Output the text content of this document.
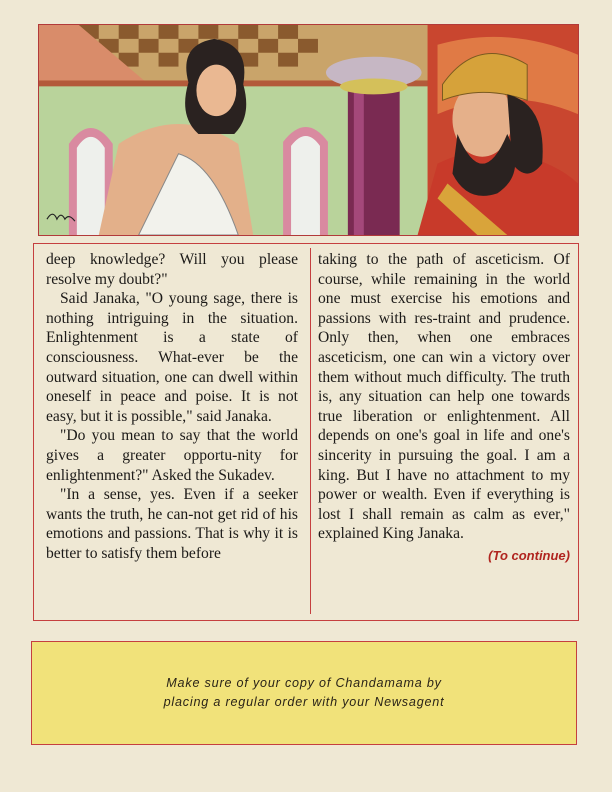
deep knowledge? Will you please resolve my doubt?"

Said Janaka, "O young sage, there is nothing intriguing in the situation. Enlightenment is a state of consciousness. What-ever be the outward situation, one can dwell within oneself in peace and poise. It is not easy, but it is possible," said Janaka.

"Do you mean to say that the world gives a greater opportu-nity for enlightenment?" Asked the Sukadev.

"In a sense, yes. Even if a seeker wants the truth, he can-not get rid of his emotions and passions. That is why it is better to satisfy them before

taking to the path of asceticism. Of course, while remaining in the world one must exercise his emotions and passions with res-traint and prudence. Only then, when one embraces asceticism, one can win a victory over them without much difficulty. The truth is, any situation can help one towards true liberation or enlightenment. All depends on one's goal in life and one's sincerity in pursuing the goal. I am a king. But I have no attachment to my power or wealth. Even if everything is lost I shall remain as calm as ever," explained King Janaka.

(To continue)
Make sure of your copy of Chandamama by
placing a regular order with your Newsagent
